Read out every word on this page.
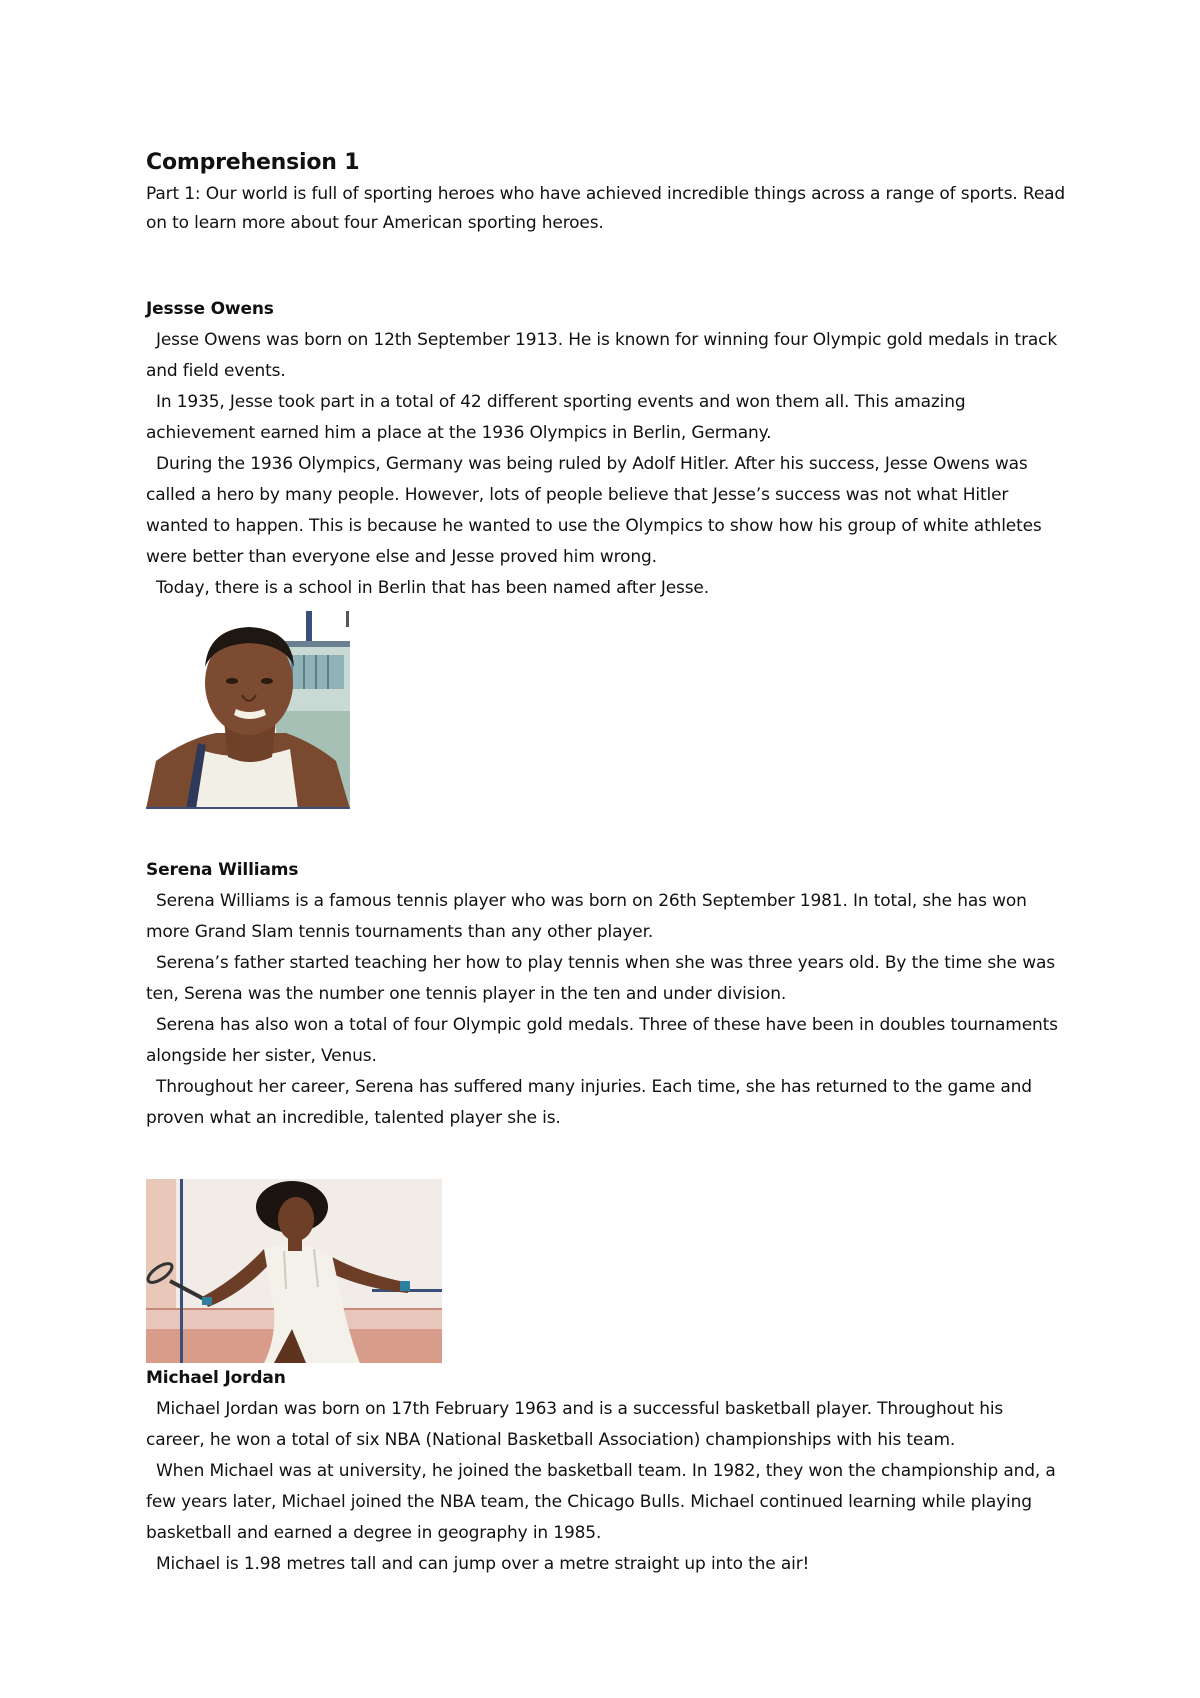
Comprehension 1

Part 1: Our world is full of sporting heroes who have achieved incredible things across a range of sports. Read on to learn more about four American sporting heroes.

Jessse Owens

Jesse Owens was born on 12th September 1913. He is known for winning four Olympic gold medals in track and field events.

In 1935, Jesse took part in a total of 42 different sporting events and won them all. This amazing achievement earned him a place at the 1936 Olympics in Berlin, Germany.

During the 1936 Olympics, Germany was being ruled by Adolf Hitler. After his success, Jesse Owens was called a hero by many people. However, lots of people believe that Jesse’s success was not what Hitler wanted to happen. This is because he wanted to use the Olympics to show how his group of white athletes were better than everyone else and Jesse proved him wrong.

Today, there is a school in Berlin that has been named after Jesse.

Serena Williams

Serena Williams is a famous tennis player who was born on 26th September 1981. In total, she has won more Grand Slam tennis tournaments than any other player.

Serena’s father started teaching her how to play tennis when she was three years old. By the time she was ten, Serena was the number one tennis player in the ten and under division.

Serena has also won a total of four Olympic gold medals. Three of these have been in doubles tournaments alongside her sister, Venus.

Throughout her career, Serena has suffered many injuries. Each time, she has returned to the game and proven what an incredible, talented player she is.

Michael Jordan

Michael Jordan was born on 17th February 1963 and is a successful basketball player. Throughout his career, he won a total of six NBA (National Basketball Association) championships with his team.

When Michael was at university, he joined the basketball team. In 1982, they won the championship and, a few years later, Michael joined the NBA team, the Chicago Bulls. Michael continued learning while playing basketball and earned a degree in geography in 1985.

Michael is 1.98 metres tall and can jump over a metre straight up into the air!
